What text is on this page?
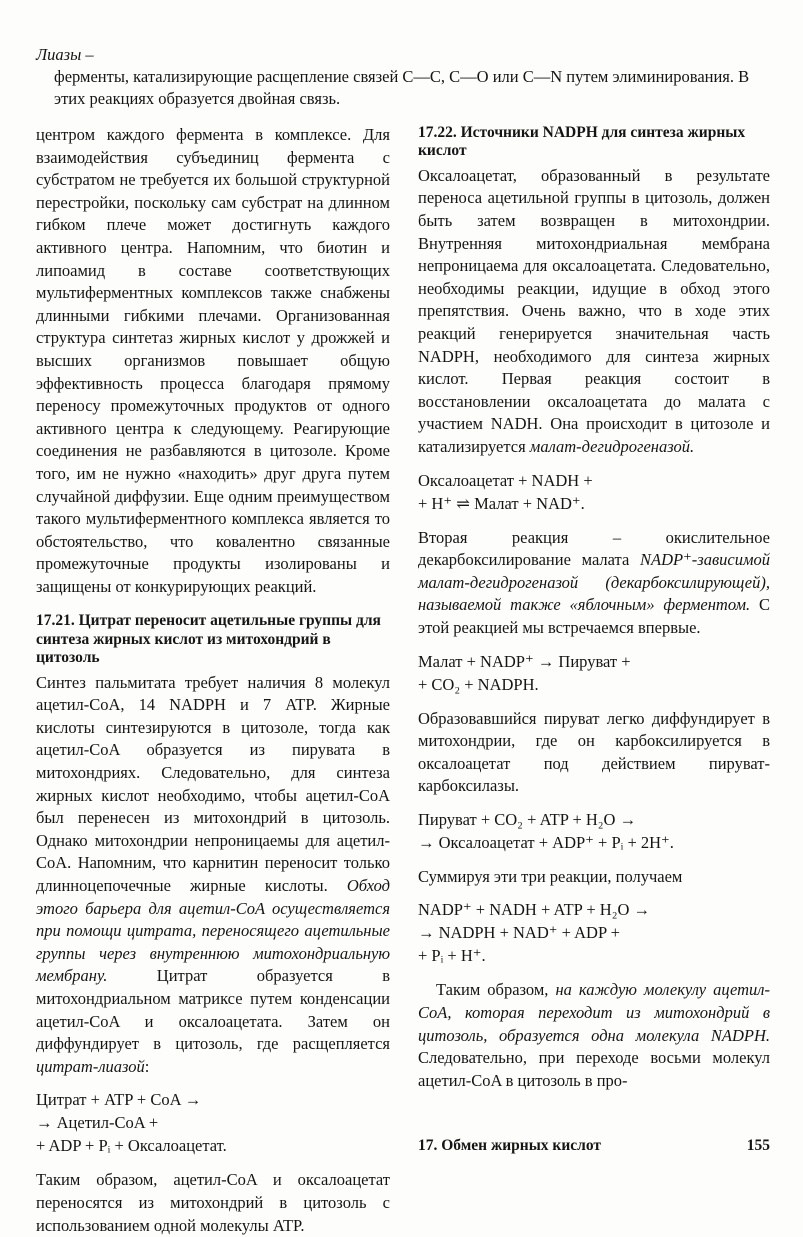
Лиазы –
ферменты, катализирующие расщепление связей C—C, C—O или C—N путем элиминирования. В этих реакциях образуется двойная связь.

центром каждого фермента в комплексе. Для взаимодействия субъединиц фермента с субстратом не требуется их большой структурной перестройки, поскольку сам субстрат на длинном гибком плече может достигнуть каждого активного центра. Напомним, что биотин и липоамид в составе соответствующих мультиферментных комплексов также снабжены длинными гибкими плечами. Организованная структура синтетаз жирных кислот у дрожжей и высших организмов повышает общую эффективность процесса благодаря прямому переносу промежуточных продуктов от одного активного центра к следующему. Реагирующие соединения не разбавляются в цитозоле. Кроме того, им не нужно «находить» друг друга путем случайной диффузии. Еще одним преимуществом такого мультиферментного комплекса является то обстоятельство, что ковалентно связанные промежуточные продукты изолированы и защищены от конкурирующих реакций.

17.21. Цитрат переносит ацетильные группы для синтеза жирных кислот из митохондрий в цитозоль

Синтез пальмитата требует наличия 8 молекул ацетил-CoA, 14 NADPH и 7 ATP. Жирные кислоты синтезируются в цитозоле, тогда как ацетил-CoA образуется из пирувата в митохондриях. Следовательно, для синтеза жирных кислот необходимо, чтобы ацетил-CoA был перенесен из митохондрий в цитозоль. Однако митохондрии непроницаемы для ацетил-CoA. Напомним, что карнитин переносит только длинноцепочечные жирные кислоты. Обход этого барьера для ацетил-CoA осуществляется при помощи цитрата, переносящего ацетильные группы через внутреннюю митохондриальную мембрану.	Цитрат образуется в митохондриальном матриксе путем конденсации ацетил-CoA и оксалоацетата. Затем он диффундирует в цитозоль, где расщепляется цитрат-лиазой:

Цитрат + ATP + CoA →
→ Ацетил-CoA +
+ ADP + Pᵢ + Оксалоацетат.

Таким образом, ацетил-CoA и оксалоацетат переносятся из митохондрий в цитозоль с использованием одной молекулы ATP.

17.22. Источники NADPH для синтеза жирных кислот

Оксалоацетат, образованный в результате переноса ацетильной группы в цитозоль, должен быть затем возвращен в митохондрии. Внутренняя митохондриальная мембрана непроницаема для оксалоацетата. Следовательно, необходимы реакции, идущие в обход этого препятствия. Очень важно, что в ходе этих реакций генерируется значительная часть NADPH, необходимого для синтеза жирных кислот. Первая реакция состоит в восстановлении оксалоацетата до малата с участием NADH. Она происходит в цитозоле и катализируется малат-дегидрогеназой.

Оксалоацетат + NADH +
+ H⁺ ⇌ Малат + NAD⁺.

Вторая реакция – окислительное декарбоксилирование малата NADP⁺-зависимой малат-дегидрогеназой (декарбоксилирующей), называемой также «яблочным» ферментом. С этой реакцией мы встречаемся впервые.

Малат + NADP⁺ → Пируват +
+ CO₂ + NADPH.

Образовавшийся пируват легко диффундирует в митохондрии, где он карбоксилируется в оксалоацетат под действием пируват-карбоксилазы.

Пируват + CO₂ + ATP + H₂O →
→ Оксалоацетат + ADP⁺ + Pᵢ + 2H⁺.

Суммируя эти три реакции, получаем

NADP⁺ + NADH + ATP + H₂O →
→ NADPH + NAD⁺ + ADP +
+ Pᵢ + H⁺.

Таким образом, на каждую молекулу ацетил-CoA, которая переходит из митохондрий в цитозоль, образуется одна молекула NADPH. Следовательно, при переходе восьми молекул ацетил-CoA в цитозоль в про-

17. Обмен жирных кислот	155
